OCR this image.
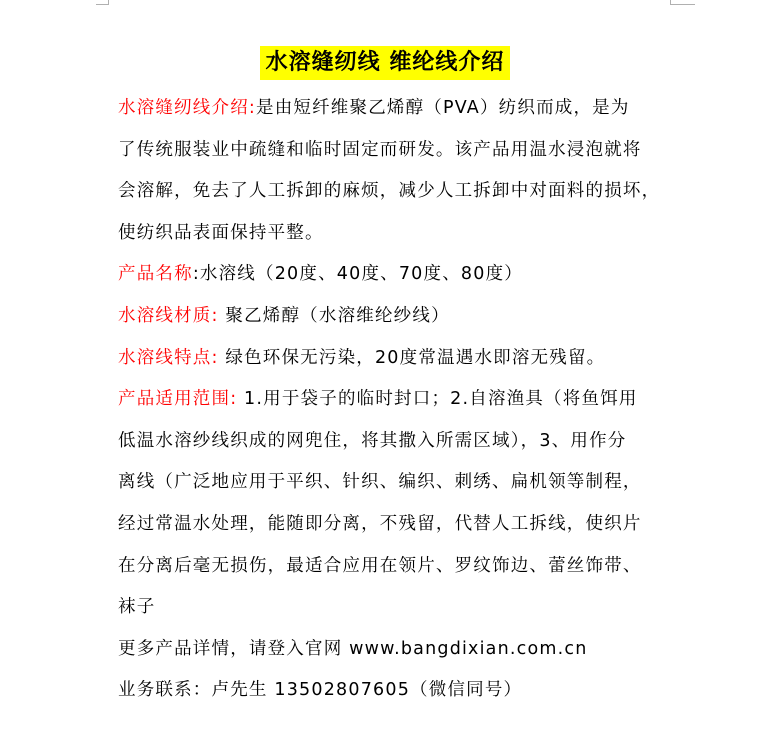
水溶缝纫线 维纶线介绍
水溶缝纫线介绍:是由短纤维聚乙烯醇（PVA）纺织而成，是为
了传统服装业中疏缝和临时固定而研发。该产品用温水浸泡就将
会溶解，免去了人工拆卸的麻烦，减少人工拆卸中对面料的损坏，
使纺织品表面保持平整。
产品名称:水溶线（20度、40度、70度、80度）
水溶线材质: 聚乙烯醇（水溶维纶纱线）
水溶线特点: 绿色环保无污染，20度常温遇水即溶无残留。
产品适用范围: 1.用于袋子的临时封口；2.自溶渔具（将鱼饵用
低温水溶纱线织成的网兜住，将其撒入所需区域），3、用作分
离线（广泛地应用于平织、针织、编织、刺绣、扁机领等制程，
经过常温水处理，能随即分离，不残留，代替人工拆线，使织片
在分离后毫无损伤，最适合应用在领片、罗纹饰边、蕾丝饰带、
袜子
更多产品详情，请登入官网 www.bangdixian.com.cn
业务联系：卢先生 13502807605（微信同号）
